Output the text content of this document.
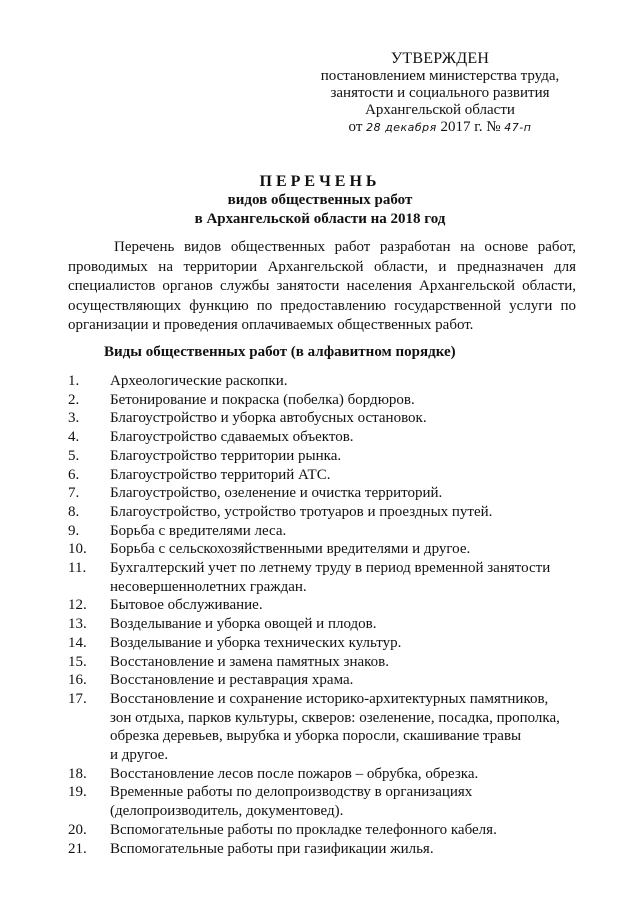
УТВЕРЖДЕН
постановлением министерства труда,
занятости и социального развития
Архангельской области
от 28 декабря 2017 г. № 47-п
ПЕРЕЧЕНЬ
видов общественных работ
в Архангельской области на 2018 год
Перечень видов общественных работ разработан на основе работ, проводимых на территории Архангельской области, и предназначен для специалистов органов службы занятости населения Архангельской области, осуществляющих функцию по предоставлению государственной услуги по организации и проведения оплачиваемых общественных работ.
Виды общественных работ (в алфавитном порядке)
1.	Археологические раскопки.
2.	Бетонирование и покраска (побелка) бордюров.
3.	Благоустройство и уборка автобусных остановок.
4.	Благоустройство сдаваемых объектов.
5.	Благоустройство территории рынка.
6.	Благоустройство территорий АТС.
7.	Благоустройство, озеленение и очистка территорий.
8.	Благоустройство, устройство тротуаров и проездных путей.
9.	Борьба с вредителями леса.
10.	Борьба с сельскохозяйственными вредителями и другое.
11.	Бухгалтерский учет по летнему труду в период временной занятости
несовершеннолетних граждан.
12.	Бытовое обслуживание.
13.	Возделывание и уборка овощей и плодов.
14.	Возделывание и уборка технических культур.
15.	Восстановление и замена памятных знаков.
16.	Восстановление и реставрация храма.
17.	Восстановление и сохранение историко-архитектурных памятников,
зон отдыха, парков культуры, скверов: озеленение, посадка, прополка,
обрезка деревьев, вырубка и уборка поросли, скашивание травы
и другое.
18.	Восстановление лесов после пожаров – обрубка, обрезка.
19.	Временные работы по делопроизводству в организациях
(делопроизводитель, документовед).
20.	Вспомогательные работы по прокладке телефонного кабеля.
21.	Вспомогательные работы при газификации жилья.
